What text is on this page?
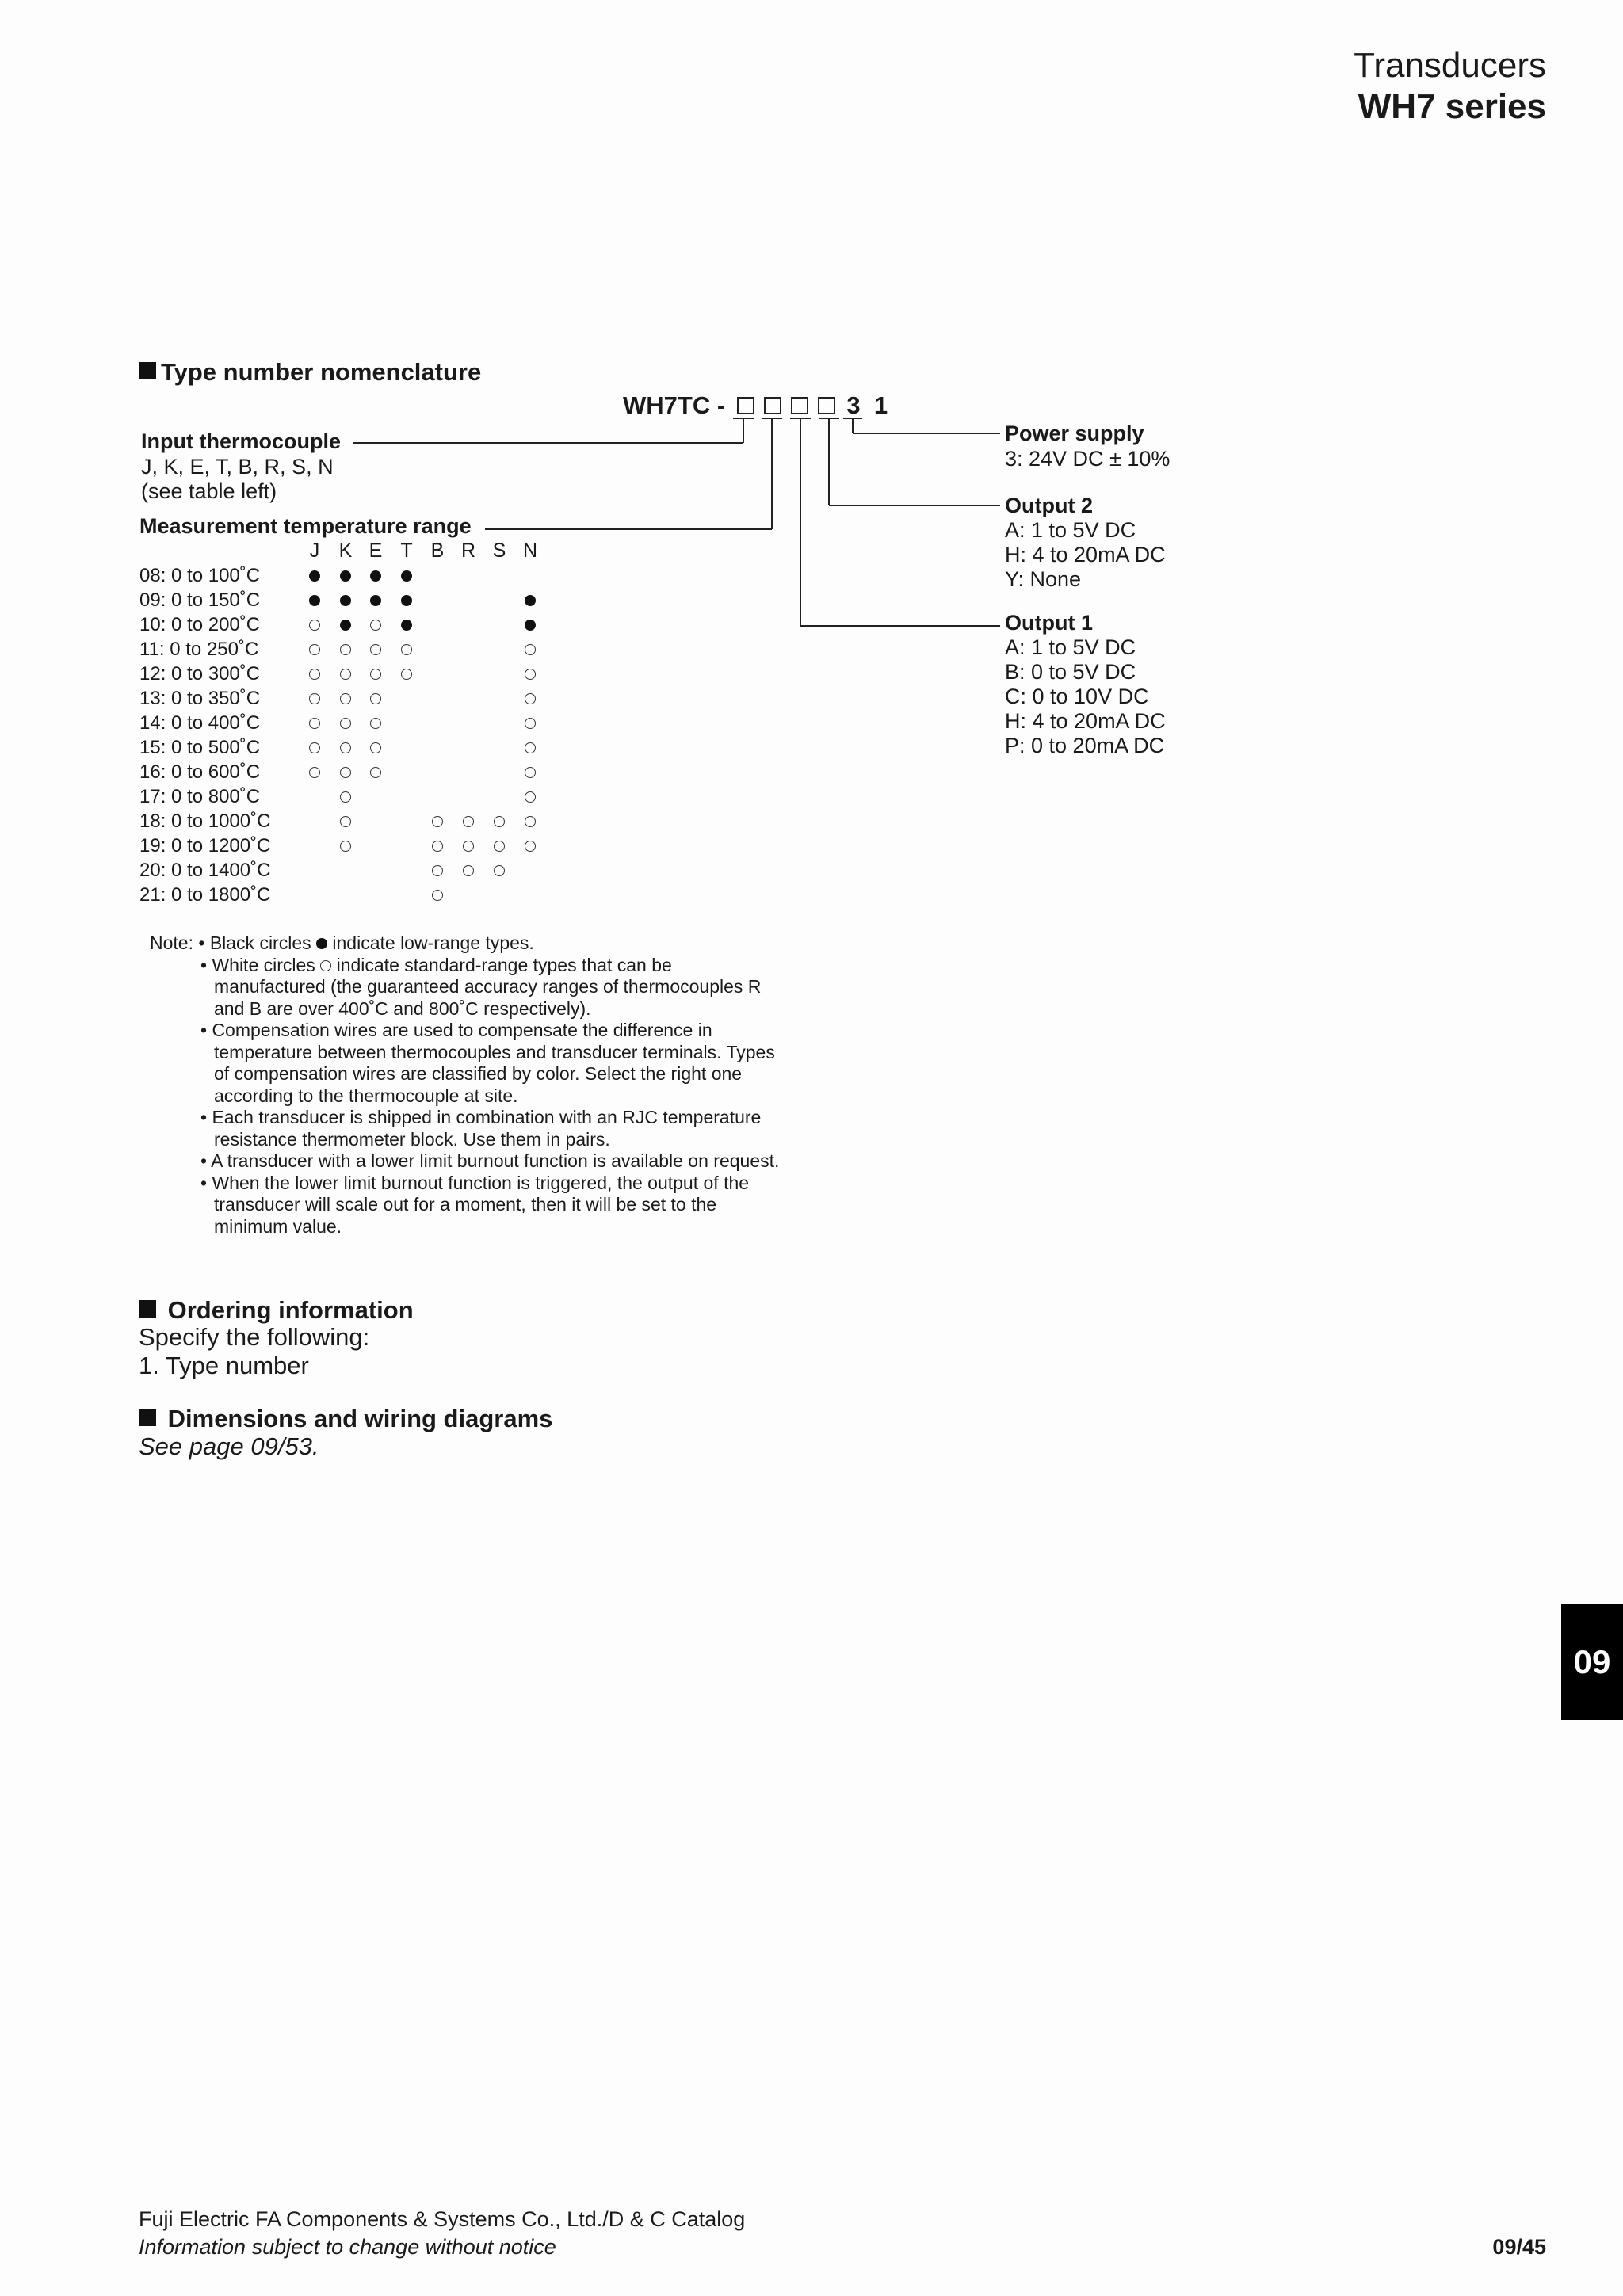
Transducers
WH7 series
Type number nomenclature
WH7TC -	3 1
Input thermocouple
J, K, E, T, B, R, S, N
(see table left)
Measurement temperature range
J K E T B R S N
08: 0 to 100˚C
09: 0 to 150˚C
10: 0 to 200˚C
11: 0 to 250˚C
12: 0 to 300˚C
13: 0 to 350˚C
14: 0 to 400˚C
15: 0 to 500˚C
16: 0 to 600˚C
17: 0 to 800˚C
18: 0 to 1000˚C
19: 0 to 1200˚C
20: 0 to 1400˚C
21: 0 to 1800˚C
Note: • Black circles indicate low-range types.
• White circles indicate standard-range types that can be
manufactured (the guaranteed accuracy ranges of thermocouples R
and B are over 400˚C and 800˚C respectively).
• Compensation wires are used to compensate the difference in
temperature between thermocouples and transducer terminals. Types
of compensation wires are classified by color. Select the right one
according to the thermocouple at site.
• Each transducer is shipped in combination with an RJC temperature
resistance thermometer block. Use them in pairs.
• A transducer with a lower limit burnout function is available on request.
• When the lower limit burnout function is triggered, the output of the
transducer will scale out for a moment, then it will be set to the
minimum value.
Power supply
3: 24V DC ± 10%
Output 2
A: 1 to 5V DC
H: 4 to 20mA DC
Y: None
Output 1
A: 1 to 5V DC
B: 0 to 5V DC
C: 0 to 10V DC
H: 4 to 20mA DC
P: 0 to 20mA DC
Ordering information
Specify the following:
1. Type number
Dimensions and wiring diagrams
See page 09/53.
09
Fuji Electric FA Components & Systems Co., Ltd./D & C Catalog
Information subject to change without notice	09/45
